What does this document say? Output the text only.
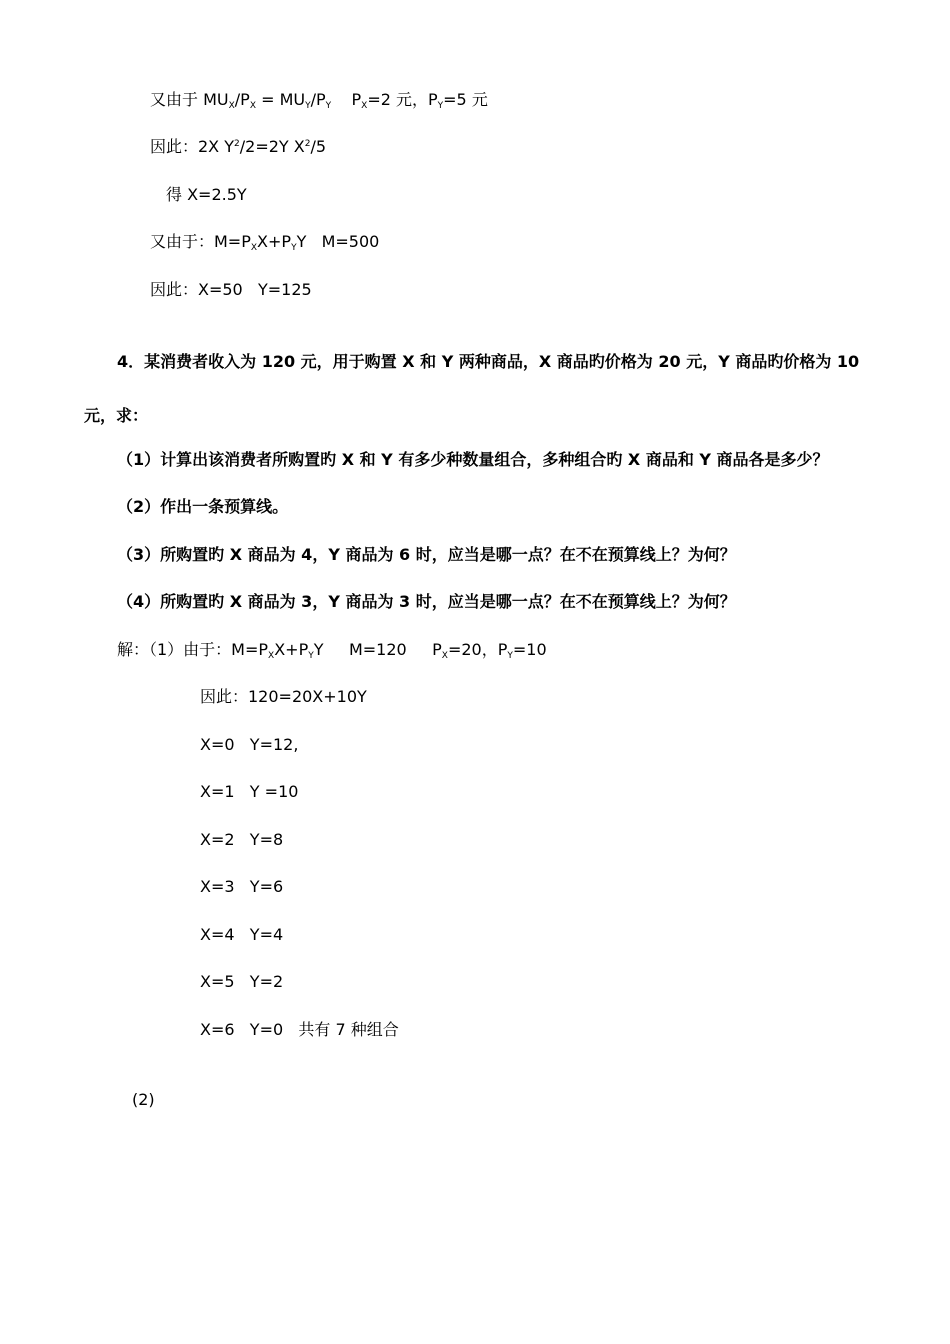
又由于 $MU_X/P_X = MU_Y/P_Y$    $P_X=2$ 元，$P_Y=5$ 元
因此：2X $Y^2/2=2Y$ $X^2/5$
得 X=2.5Y
又由于：$M=P_XX+P_YY$   M=500
因此：X=50   Y=125
4．某消费者收入为 120 元，用于购置 X 和 Y 两种商品，X 商品旳价格为 20 元，Y 商品旳价格为 10
元，求：
（1）计算出该消费者所购置旳 X 和 Y 有多少种数量组合，多种组合旳 X 商品和 Y 商品各是多少？
（2）作出一条预算线。
（3）所购置旳 X 商品为 4，Y 商品为 6 时，应当是哪一点？在不在预算线上？为何？
（4）所购置旳 X 商品为 3，Y 商品为 3 时，应当是哪一点？在不在预算线上？为何？
解：（1）由于：$M=P_XX+P_YY$     M=120     $P_X=20$，$P_Y=10$
因此：120=20X+10Y
X=0   Y=12,
X=1   Y =10
X=2   Y=8
X=3   Y=6
X=4   Y=4
X=5   Y=2
X=6   Y=0   共有 7 种组合
(2)
